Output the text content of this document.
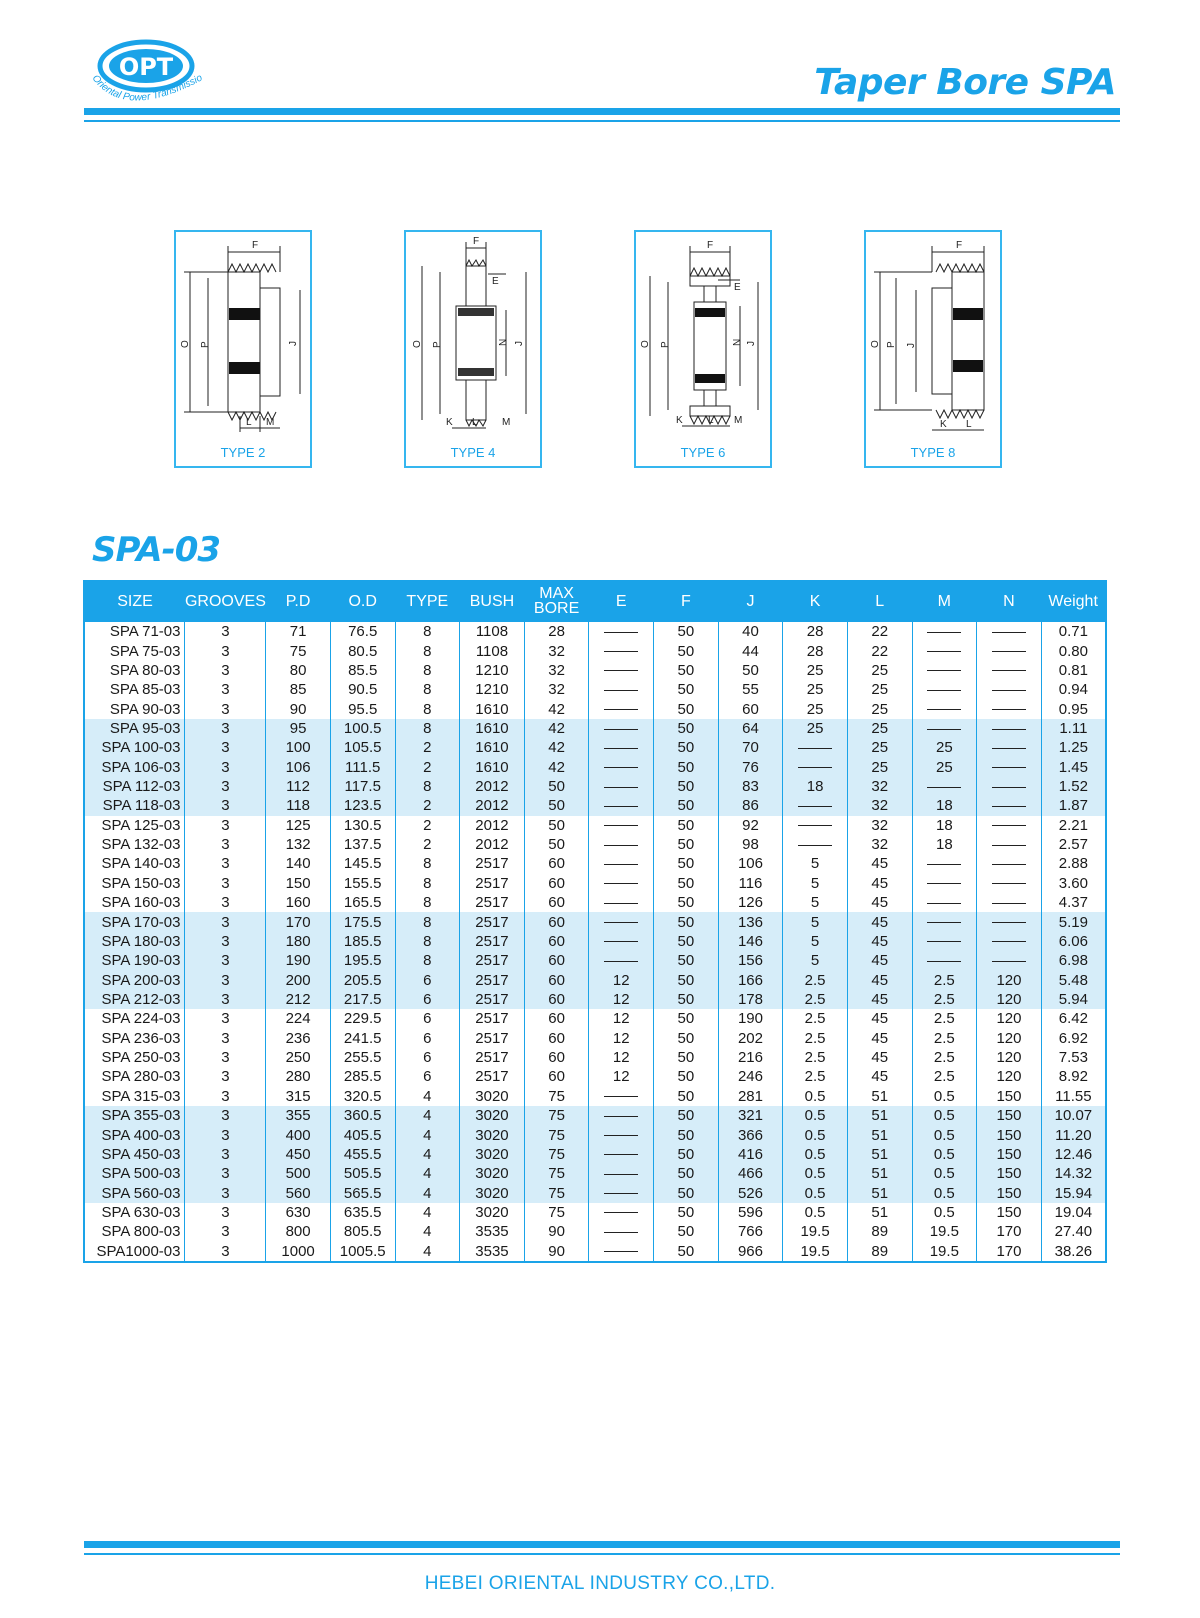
OPT
Oriental Power Transmissio	Taper Bore SPA
F
O P	J
L M
TYPE 2
F
E
O P	N J
K L M
TYPE 4
F
E
O P	N J
K	L M
TYPE 6
F
O P J
K L
TYPE 8
SPA-03
SIZE	GROOVES	P.D	O.D	TYPE	BUSH	MAX
BORE	E	F	J	K	L	M	N	Weight
SPA 71-03	3	71	76.5	8	1108	28		50	40	28	22			0.71
SPA 75-03	3	75	80.5	8	1108	32		50	44	28	22			0.80
SPA 80-03	3	80	85.5	8	1210	32		50	50	25	25			0.81
SPA 85-03	3	85	90.5	8	1210	32		50	55	25	25			0.94
SPA 90-03	3	90	95.5	8	1610	42		50	60	25	25			0.95
SPA 95-03	3	95	100.5	8	1610	42		50	64	25	25			1.11
SPA 100-03	3	100	105.5	2	1610	42		50	70		25	25		1.25
SPA 106-03	3	106	111.5	2	1610	42		50	76		25	25		1.45
SPA 112-03	3	112	117.5	8	2012	50		50	83	18	32			1.52
SPA 118-03	3	118	123.5	2	2012	50		50	86		32	18		1.87
SPA 125-03	3	125	130.5	2	2012	50		50	92		32	18		2.21
SPA 132-03	3	132	137.5	2	2012	50		50	98		32	18		2.57
SPA 140-03	3	140	145.5	8	2517	60		50	106	5	45			2.88
SPA 150-03	3	150	155.5	8	2517	60		50	116	5	45			3.60
SPA 160-03	3	160	165.5	8	2517	60		50	126	5	45			4.37
SPA 170-03	3	170	175.5	8	2517	60		50	136	5	45			5.19
SPA 180-03	3	180	185.5	8	2517	60		50	146	5	45			6.06
SPA 190-03	3	190	195.5	8	2517	60		50	156	5	45			6.98
SPA 200-03	3	200	205.5	6	2517	60	12	50	166	2.5	45	2.5	120	5.48
SPA 212-03	3	212	217.5	6	2517	60	12	50	178	2.5	45	2.5	120	5.94
SPA 224-03	3	224	229.5	6	2517	60	12	50	190	2.5	45	2.5	120	6.42
SPA 236-03	3	236	241.5	6	2517	60	12	50	202	2.5	45	2.5	120	6.92
SPA 250-03	3	250	255.5	6	2517	60	12	50	216	2.5	45	2.5	120	7.53
SPA 280-03	3	280	285.5	6	2517	60	12	50	246	2.5	45	2.5	120	8.92
SPA 315-03	3	315	320.5	4	3020	75		50	281	0.5	51	0.5	150	11.55
SPA 355-03	3	355	360.5	4	3020	75		50	321	0.5	51	0.5	150	10.07
SPA 400-03	3	400	405.5	4	3020	75		50	366	0.5	51	0.5	150	11.20
SPA 450-03	3	450	455.5	4	3020	75		50	416	0.5	51	0.5	150	12.46
SPA 500-03	3	500	505.5	4	3020	75		50	466	0.5	51	0.5	150	14.32
SPA 560-03	3	560	565.5	4	3020	75		50	526	0.5	51	0.5	150	15.94
SPA 630-03	3	630	635.5	4	3020	75		50	596	0.5	51	0.5	150	19.04
SPA 800-03	3	800	805.5	4	3535	90		50	766	19.5	89	19.5	170	27.40
SPA1000-03	3	1000	1005.5	4	3535	90		50	966	19.5	89	19.5	170	38.26

HEBEI ORIENTAL INDUSTRY CO.,LTD.
